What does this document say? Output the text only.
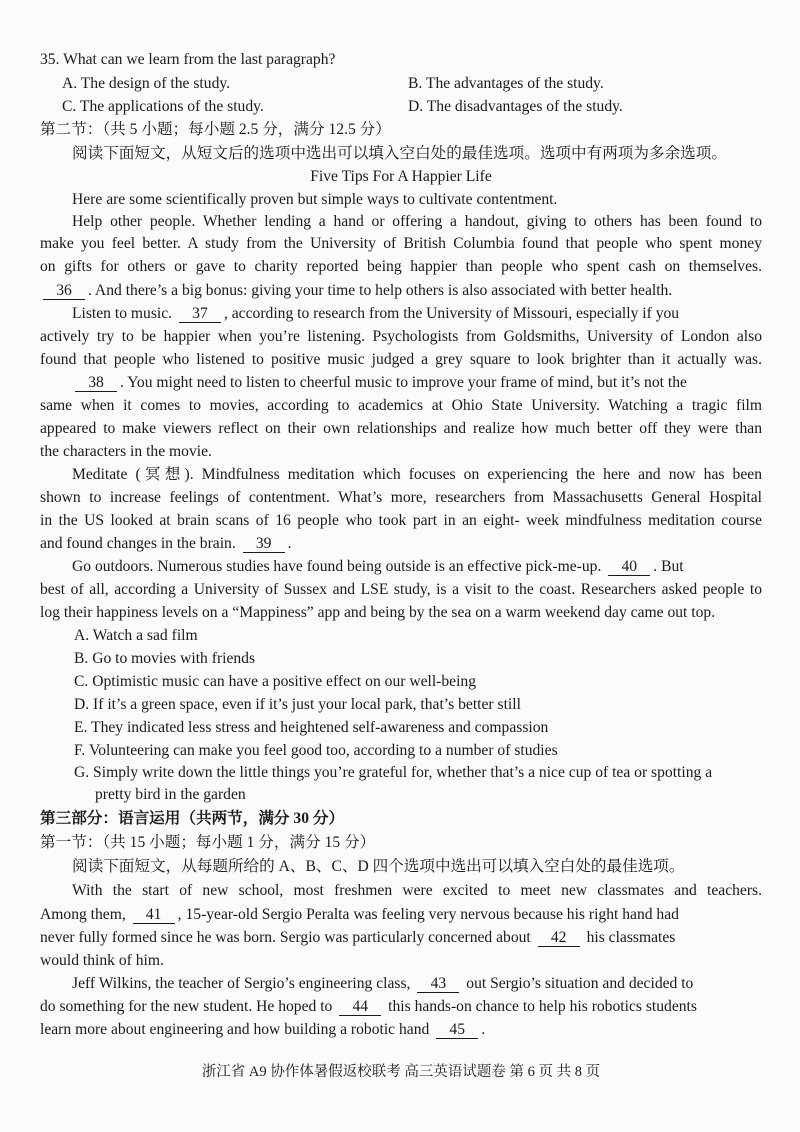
35. What can we learn from the last paragraph?
A. The design of the study.	B. The advantages of the study.
C. The applications of the study.	D. The disadvantages of the study.
第二节：（共 5 小题；每小题 2.5 分，满分 12.5 分）
阅读下面短文，从短文后的选项中选出可以填入空白处的最佳选项。选项中有两项为多余选项。
Five Tips For A Happier Life
Here are some scientifically proven but simple ways to cultivate contentment.
Help other people. Whether lending a hand or offering a handout, giving to others has been found to
make you feel better. A study from the University of British Columbia found that people who spent money
on gifts for others or gave to charity reported being happier than people who spent cash on themselves.
36 . And there’s a big bonus: giving your time to help others is also associated with better health.
Listen to music. 37 , according to research from the University of Missouri, especially if you
actively try to be happier when you’re listening. Psychologists from Goldsmiths, University of London also
found that people who listened to positive music judged a grey square to look brighter than it actually was.
38 . You might need to listen to cheerful music to improve your frame of mind, but it’s not the
same when it comes to movies, according to academics at Ohio State University. Watching a tragic film
appeared to make viewers reflect on their own relationships and realize how much better off they were than
the characters in the movie.
Meditate (冥想). Mindfulness meditation which focuses on experiencing the here and now has been
shown to increase feelings of contentment. What’s more, researchers from Massachusetts General Hospital
in the US looked at brain scans of 16 people who took part in an eight- week mindfulness meditation course
and found changes in the brain. 39 .
Go outdoors. Numerous studies have found being outside is an effective pick-me-up. 40 . But
best of all, according a University of Sussex and LSE study, is a visit to the coast. Researchers asked people to
log their happiness levels on a “Mappiness” app and being by the sea on a warm weekend day came out top.
A. Watch a sad film
B. Go to movies with friends
C. Optimistic music can have a positive effect on our well-being
D. If it’s a green space, even if it’s just your local park, that’s better still
E. They indicated less stress and heightened self-awareness and compassion
F. Volunteering can make you feel good too, according to a number of studies
G. Simply write down the little things you’re grateful for, whether that’s a nice cup of tea or spotting a
pretty bird in the garden
第三部分：语言运用（共两节，满分 30 分）
第一节：（共 15 小题；每小题 1 分，满分 15 分）
阅读下面短文，从每题所给的 A、B、C、D 四个选项中选出可以填入空白处的最佳选项。
With the start of new school, most freshmen were excited to meet new classmates and teachers.
Among them, 41 , 15-year-old Sergio Peralta was feeling very nervous because his right hand had
never fully formed since he was born. Sergio was particularly concerned about 42 his classmates
would think of him.
Jeff Wilkins, the teacher of Sergio’s engineering class, 43 out Sergio’s situation and decided to
do something for the new student. He hoped to 44 this hands-on chance to help his robotics students
learn more about engineering and how building a robotic hand 45 .
浙江省 A9 协作体暑假返校联考 高三英语试题卷 第 6 页 共 8 页
